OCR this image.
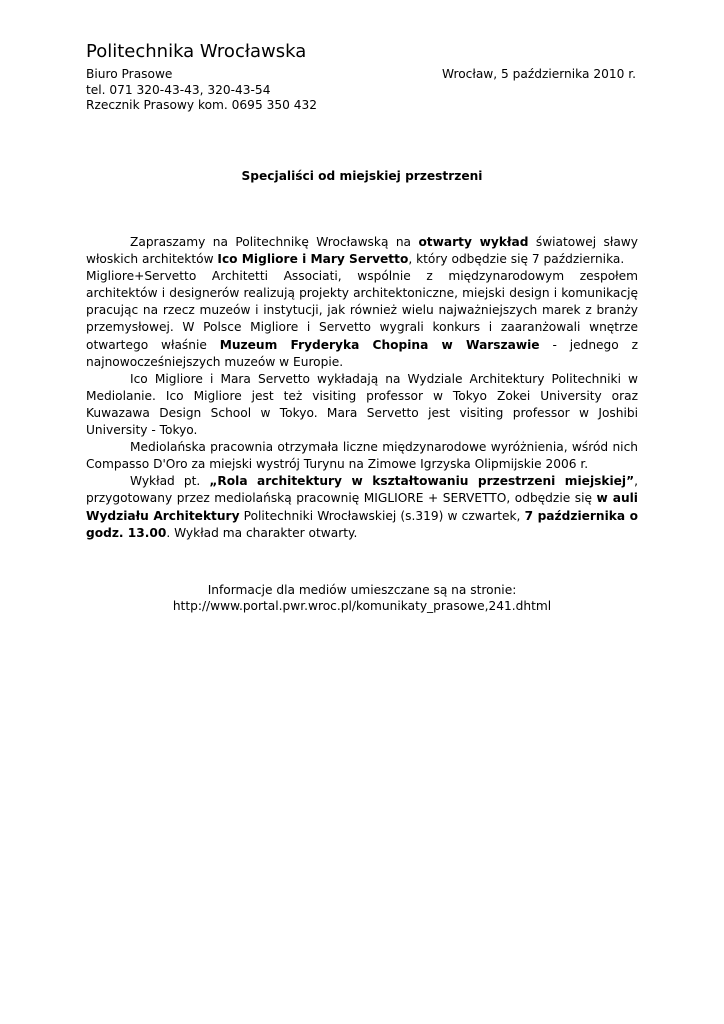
Politechnika Wrocławska
Biuro Prasowe
tel. 071 320-43-43, 320-43-54
Rzecznik Prasowy kom. 0695 350 432
Wrocław, 5 października 2010 r.
Specjaliści od miejskiej przestrzeni

Zapraszamy na Politechnikę Wrocławską na otwarty wykład światowej sławy włoskich architektów Ico Migliore i Mary Servetto, który odbędzie się 7 października.

Migliore+Servetto Architetti Associati, wspólnie z międzynarodowym zespołem architektów i designerów realizują projekty architektoniczne, miejski design i komunikację pracując na rzecz muzeów i instytucji, jak również wielu najważniejszych marek z branży przemysłowej. W Polsce Migliore i Servetto wygrali konkurs i zaaranżowali wnętrze otwartego właśnie Muzeum Fryderyka Chopina w Warszawie - jednego z najnowocześniejszych muzeów w Europie.

Ico Migliore i Mara Servetto wykładają na Wydziale Architektury Politechniki w Mediolanie. Ico Migliore jest też visiting professor w Tokyo Zokei University oraz Kuwazawa Design School w Tokyo. Mara Servetto jest visiting professor w Joshibi University - Tokyo.

Mediolańska pracownia otrzymała liczne międzynarodowe wyróżnienia, wśród nich Compasso D'Oro za miejski wystrój Turynu na Zimowe Igrzyska Olipmijskie 2006 r.

Wykład pt. „Rola architektury w kształtowaniu przestrzeni miejskiej”, przygotowany przez mediolańską pracownię MIGLIORE + SERVETTO, odbędzie się w auli Wydziału Architektury Politechniki Wrocławskiej (s.319) w czwartek, 7 października o godz. 13.00. Wykład ma charakter otwarty.

Informacje dla mediów umieszczane są na stronie:
http://www.portal.pwr.wroc.pl/komunikaty_prasowe,241.dhtml
